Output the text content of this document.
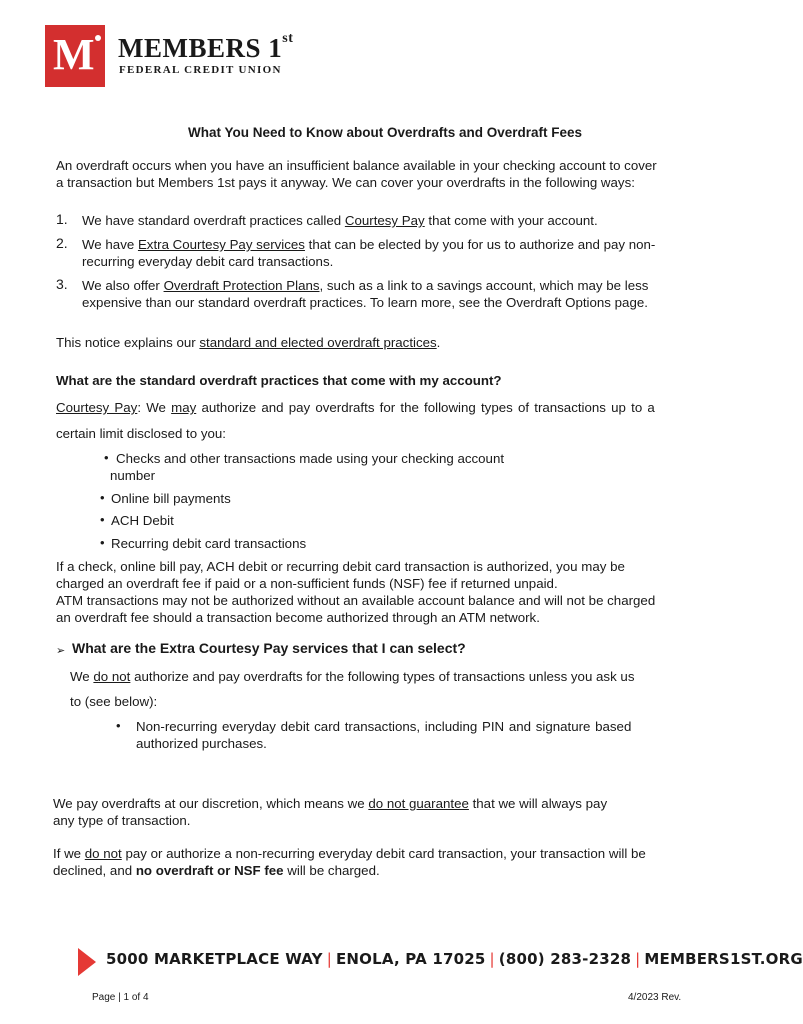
M MEMBERS 1st
FEDERAL CREDIT UNION
What You Need to Know about Overdrafts and Overdraft Fees
An overdraft occurs when you have an insufficient balance available in your checking account to cover
a transaction but Members 1st pays it anyway. We can cover your overdrafts in the following ways:
1. We have standard overdraft practices called Courtesy Pay that come with your account.
2. We have Extra Courtesy Pay services that can be elected by you for us to authorize and pay non-
recurring everyday debit card transactions.
3. We also offer Overdraft Protection Plans, such as a link to a savings account, which may be less
expensive than our standard overdraft practices. To learn more, see the Overdraft Options page.
This notice explains our standard and elected overdraft practices.
What are the standard overdraft practices that come with my account?
Courtesy Pay: We may authorize and pay overdrafts for the following types of transactions up to a
certain limit disclosed to you:
• Checks and other transactions made using your checking account
number
• Online bill payments
• ACH Debit
• Recurring debit card transactions
If a check, online bill pay, ACH debit or recurring debit card transaction is authorized, you may be
charged an overdraft fee if paid or a non-sufficient funds (NSF) fee if returned unpaid.
ATM transactions may not be authorized without an available account balance and will not be charged
an overdraft fee should a transaction become authorized through an ATM network.
➢ What are the Extra Courtesy Pay services that I can select?
We do not authorize and pay overdrafts for the following types of transactions unless you ask us
to (see below):
• Non-recurring everyday debit card transactions, including PIN and signature based
authorized purchases.
We pay overdrafts at our discretion, which means we do not guarantee that we will always pay
any type of transaction.
If we do not pay or authorize a non-recurring everyday debit card transaction, your transaction will be
declined, and no overdraft or NSF fee will be charged.
5000 MARKETPLACE WAY | ENOLA, PA 17025 | (800) 283-2328 | MEMBERS1ST.ORG
Page | 1 of 4	4/2023 Rev.
